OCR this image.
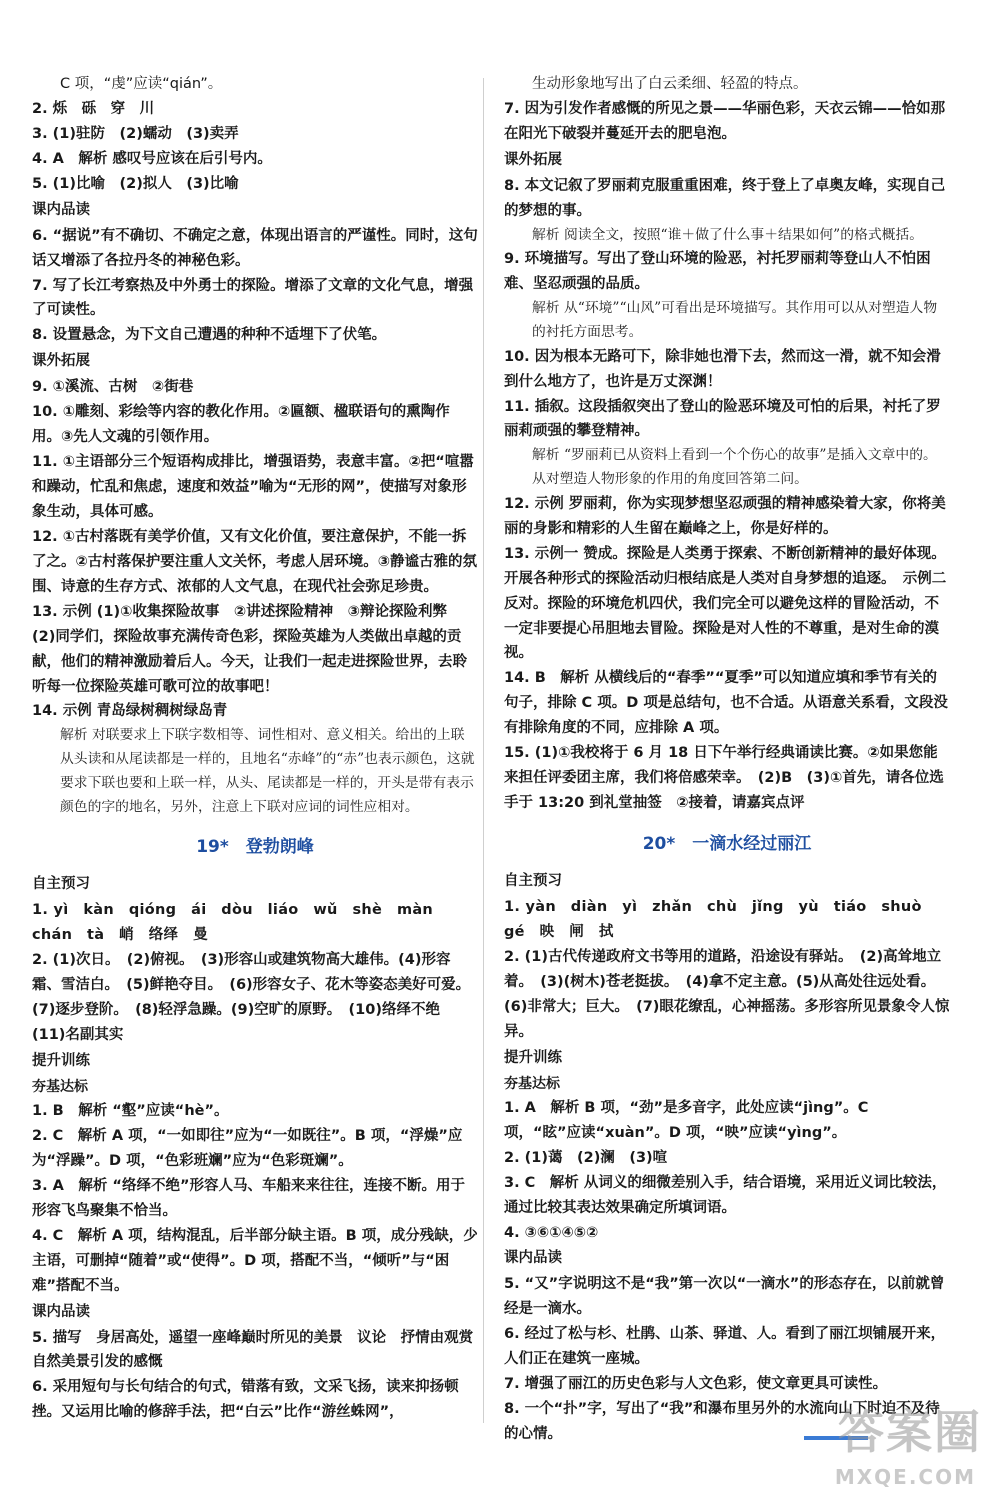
C 项，“虔”应读“qián”。

2. 烁　砾　穿　川

3. (1)驻防　(2)蠕动　(3)卖弄

4. A　解析 感叹号应该在后引号内。

5. (1)比喻　(2)拟人　(3)比喻

课内品读

6. “据说”有不确切、不确定之意，体现出语言的严谨性。同时，这句话又增添了各拉丹冬的神秘色彩。

7. 写了长江考察热及中外勇士的探险。增添了文章的文化气息，增强了可读性。

8. 设置悬念，为下文自己遭遇的种种不适埋下了伏笔。

课外拓展

9. ①溪流、古树　②街巷

10. ①雕刻、彩绘等内容的教化作用。②匾额、楹联语句的熏陶作用。③先人文魂的引领作用。

11. ①主语部分三个短语构成排比，增强语势，表意丰富。②把“喧嚣和躁动，忙乱和焦虑，速度和效益”喻为“无形的网”，使描写对象形象生动，具体可感。

12. ①古村落既有美学价值，又有文化价值，要注意保护，不能一拆了之。②古村落保护要注重人文关怀，考虑人居环境。③静谧古雅的氛围、诗意的生存方式、浓郁的人文气息，在现代社会弥足珍贵。

13. 示例 (1)①收集探险故事　②讲述探险精神　③辩论探险利弊　(2)同学们，探险故事充满传奇色彩，探险英雄为人类做出卓越的贡献，他们的精神激励着后人。今天，让我们一起走进探险世界，去聆听每一位探险英雄可歌可泣的故事吧！

14. 示例 青岛绿树稠树绿岛青

解析 对联要求上下联字数相等、词性相对、意义相关。给出的上联从头读和从尾读都是一样的，且地名“赤峰”的“赤”也表示颜色，这就要求下联也要和上联一样，从头、尾读都是一样的，开头是带有表示颜色的字的地名，另外，注意上下联对应词的词性应相对。

19*　登勃朗峰

自主预习

1. yì　kàn　qióng　ái　dòu　liáo　wǔ　shè　màn　chán　tà　峭　络绎　曼

2. (1)次日。　(2)俯视。　(3)形容山或建筑物高大雄伟。(4)形容霜、雪洁白。　(5)鲜艳夺目。　(6)形容女子、花木等姿态美好可爱。　(7)逐步登阶。　(8)轻浮急躁。(9)空旷的原野。　(10)络绎不绝　(11)名副其实

提升训练

夯基达标

1. B　解析 “壑”应读“hè”。

2. C　解析 A 项，“一如即往”应为“一如既往”。B 项，“浮燥”应为“浮躁”。D 项，“色彩班斓”应为“色彩斑斓”。

3. A　解析 “络绎不绝”形容人马、车船来来往往，连接不断。用于形容飞鸟聚集不恰当。

4. C　解析 A 项，结构混乱，后半部分缺主语。B 项，成分残缺，少主语，可删掉“随着”或“使得”。D 项，搭配不当，“倾听”与“困难”搭配不当。

课内品读

5. 描写　身居高处，遥望一座峰巅时所见的美景　议论　抒情由观赏自然美景引发的感慨

6. 采用短句与长句结合的句式，错落有致，文采飞扬，读来抑扬顿挫。又运用比喻的修辞手法，把“白云”比作“游丝蛛网”，

生动形象地写出了白云柔细、轻盈的特点。

7. 因为引发作者感慨的所见之景——华丽色彩，天衣云锦——恰如那在阳光下破裂并蔓延开去的肥皂泡。

课外拓展

8. 本文记叙了罗丽莉克服重重困难，终于登上了卓奥友峰，实现自己的梦想的事。

解析 阅读全文，按照“谁＋做了什么事＋结果如何”的格式概括。

9. 环境描写。写出了登山环境的险恶，衬托罗丽莉等登山人不怕困难、坚忍顽强的品质。

解析 从“环境”“山风”可看出是环境描写。其作用可以从对塑造人物的衬托方面思考。

10. 因为根本无路可下，除非她也滑下去，然而这一滑，就不知会滑到什么地方了，也许是万丈深渊！

11. 插叙。这段插叙突出了登山的险恶环境及可怕的后果，衬托了罗丽莉顽强的攀登精神。

解析 “罗丽莉已从资料上看到一个个伤心的故事”是插入文章中的。从对塑造人物形象的作用的角度回答第二问。

12. 示例 罗丽莉，你为实现梦想坚忍顽强的精神感染着大家，你将美丽的身影和精彩的人生留在巅峰之上，你是好样的。

13. 示例一 赞成。探险是人类勇于探索、不断创新精神的最好体现。开展各种形式的探险活动归根结底是人类对自身梦想的追逐。　示例二 反对。探险的环境危机四伏，我们完全可以避免这样的冒险活动，不一定非要提心吊胆地去冒险。探险是对人性的不尊重，是对生命的漠视。

14. B　解析 从横线后的“春季”“夏季”可以知道应填和季节有关的句子，排除 C 项。D 项是总结句，也不合适。从语意关系看，文段没有排除角度的不同，应排除 A 项。

15. (1)①我校将于 6 月 18 日下午举行经典诵读比赛。②如果您能来担任评委团主席，我们将倍感荣幸。　(2)B　(3)①首先，请各位选手于 13:20 到礼堂抽签　②接着，请嘉宾点评

20*　一滴水经过丽江

自主预习

1. yàn　diàn　yì　zhǎn　chù　jǐng　yù　tiáo　shuò　gé　映　闸　拭

2. (1)古代传递政府文书等用的道路，沿途设有驿站。　(2)高耸地立着。　(3)(树木)苍老挺拔。　(4)拿不定主意。(5)从高处往远处看。　(6)非常大；巨大。　(7)眼花缭乱，心神摇荡。多形容所见景象令人惊异。

提升训练

夯基达标

1. A　解析 B 项，“劲”是多音字，此处应读“jìng”。C 项，“眩”应读“xuàn”。D 项，“映”应读“yìng”。

2. (1)蔼　(2)澜　(3)喧

3. C　解析 从词义的细微差别入手，结合语境，采用近义词比较法，通过比较其表达效果确定所填词语。

4. ③⑥①④⑤②

课内品读

5. “又”字说明这不是“我”第一次以“一滴水”的形态存在，以前就曾经是一滴水。

6. 经过了松与杉、杜鹃、山茶、驿道、人。看到了丽江坝铺展开来，人们正在建筑一座城。

7. 增强了丽江的历史色彩与人文色彩，使文章更具可读性。

8. 一个“扑”字，写出了“我”和瀑布里另外的水流向山下时迫不及待的心情。	答案圈
MXQE.COM
